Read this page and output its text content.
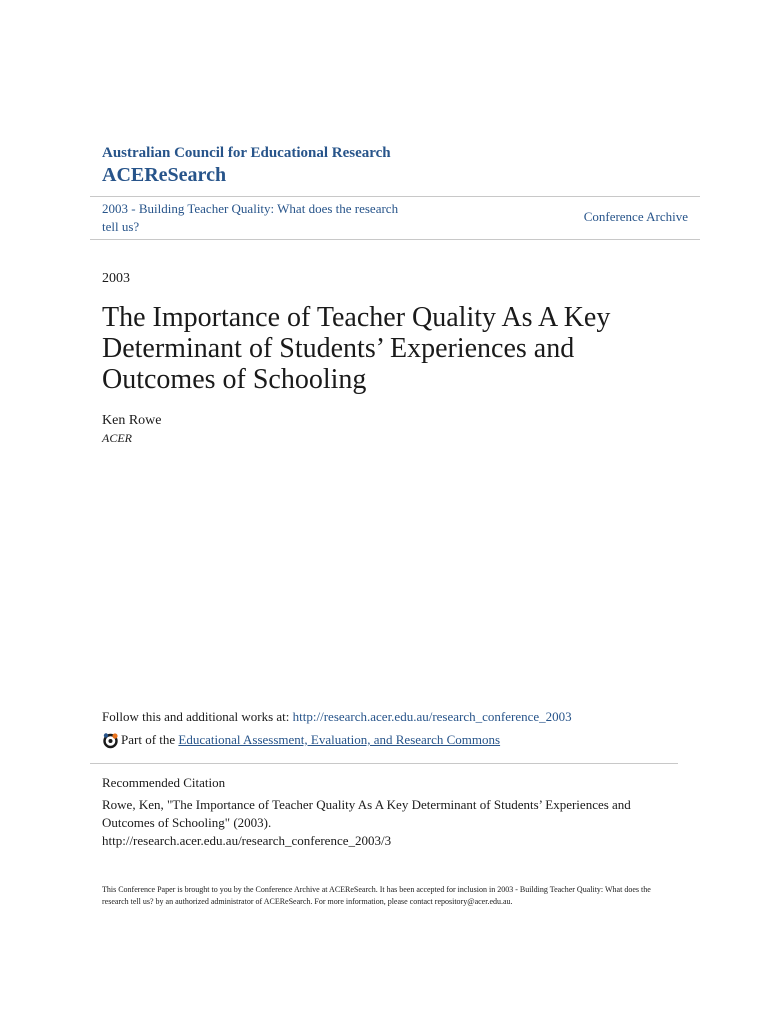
Australian Council for Educational Research
ACEReSearch
2003 - Building Teacher Quality: What does the research tell us?
Conference Archive
2003
The Importance of Teacher Quality As A Key Determinant of Students’ Experiences and Outcomes of Schooling
Ken Rowe
ACER
Follow this and additional works at: http://research.acer.edu.au/research_conference_2003
Part of the
Educational Assessment, Evaluation, and Research Commons
Recommended Citation
Rowe, Ken, "The Importance of Teacher Quality As A Key Determinant of Students’ Experiences and Outcomes of Schooling" (2003).
http://research.acer.edu.au/research_conference_2003/3
This Conference Paper is brought to you by the Conference Archive at ACEReSearch. It has been accepted for inclusion in 2003 - Building Teacher Quality: What does the research tell us? by an authorized administrator of ACEReSearch. For more information, please contact repository@acer.edu.au.
